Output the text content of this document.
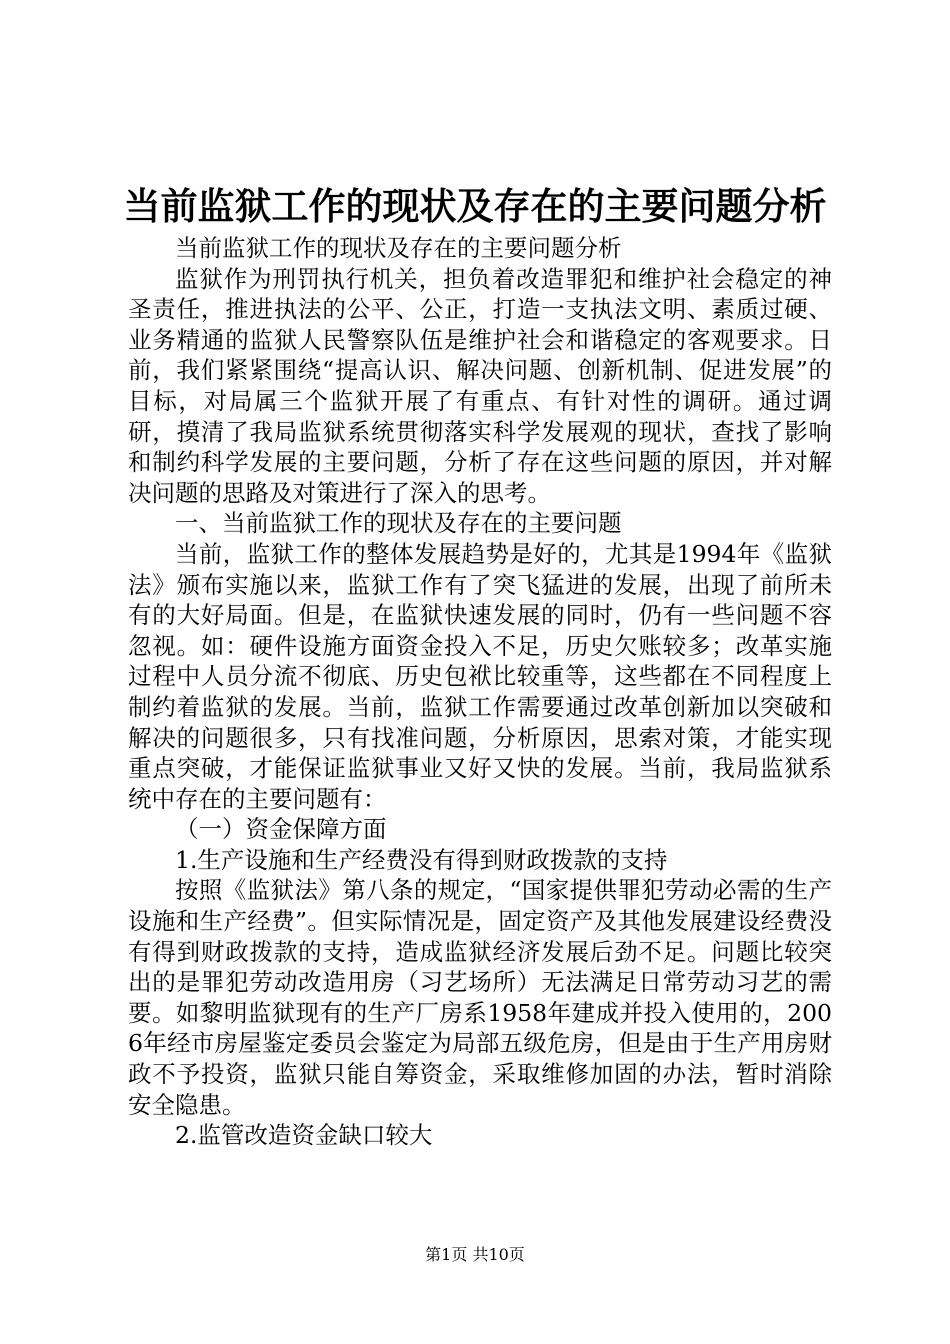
当前监狱工作的现状及存在的主要问题分析

当前监狱工作的现状及存在的主要问题分析

监狱作为刑罚执行机关，担负着改造罪犯和维护社会稳定的神圣责任，推进执法的公平、公正，打造一支执法文明、素质过硬、业务精通的监狱人民警察队伍是维护社会和谐稳定的客观要求。日前，我们紧紧围绕“提高认识、解决问题、创新机制、促进发展”的目标，对局属三个监狱开展了有重点、有针对性的调研。通过调研，摸清了我局监狱系统贯彻落实科学发展观的现状，查找了影响和制约科学发展的主要问题，分析了存在这些问题的原因，并对解决问题的思路及对策进行了深入的思考。

一、当前监狱工作的现状及存在的主要问题

当前，监狱工作的整体发展趋势是好的，尤其是1994年《监狱法》颁布实施以来，监狱工作有了突飞猛进的发展，出现了前所未有的大好局面。但是，在监狱快速发展的同时，仍有一些问题不容忽视。如：硬件设施方面资金投入不足，历史欠账较多；改革实施过程中人员分流不彻底、历史包袱比较重等，这些都在不同程度上制约着监狱的发展。当前，监狱工作需要通过改革创新加以突破和解决的问题很多，只有找准问题，分析原因，思索对策，才能实现重点突破，才能保证监狱事业又好又快的发展。当前，我局监狱系统中存在的主要问题有：

（一）资金保障方面

1.生产设施和生产经费没有得到财政拨款的支持

按照《监狱法》第八条的规定，“国家提供罪犯劳动必需的生产设施和生产经费”。但实际情况是，固定资产及其他发展建设经费没有得到财政拨款的支持，造成监狱经济发展后劲不足。问题比较突出的是罪犯劳动改造用房（习艺场所）无法满足日常劳动习艺的需要。如黎明监狱现有的生产厂房系1958年建成并投入使用的，2006年经市房屋鉴定委员会鉴定为局部五级危房，但是由于生产用房财政不予投资，监狱只能自筹资金，采取维修加固的办法，暂时消除安全隐患。

2.监管改造资金缺口较大

第1页 共10页
